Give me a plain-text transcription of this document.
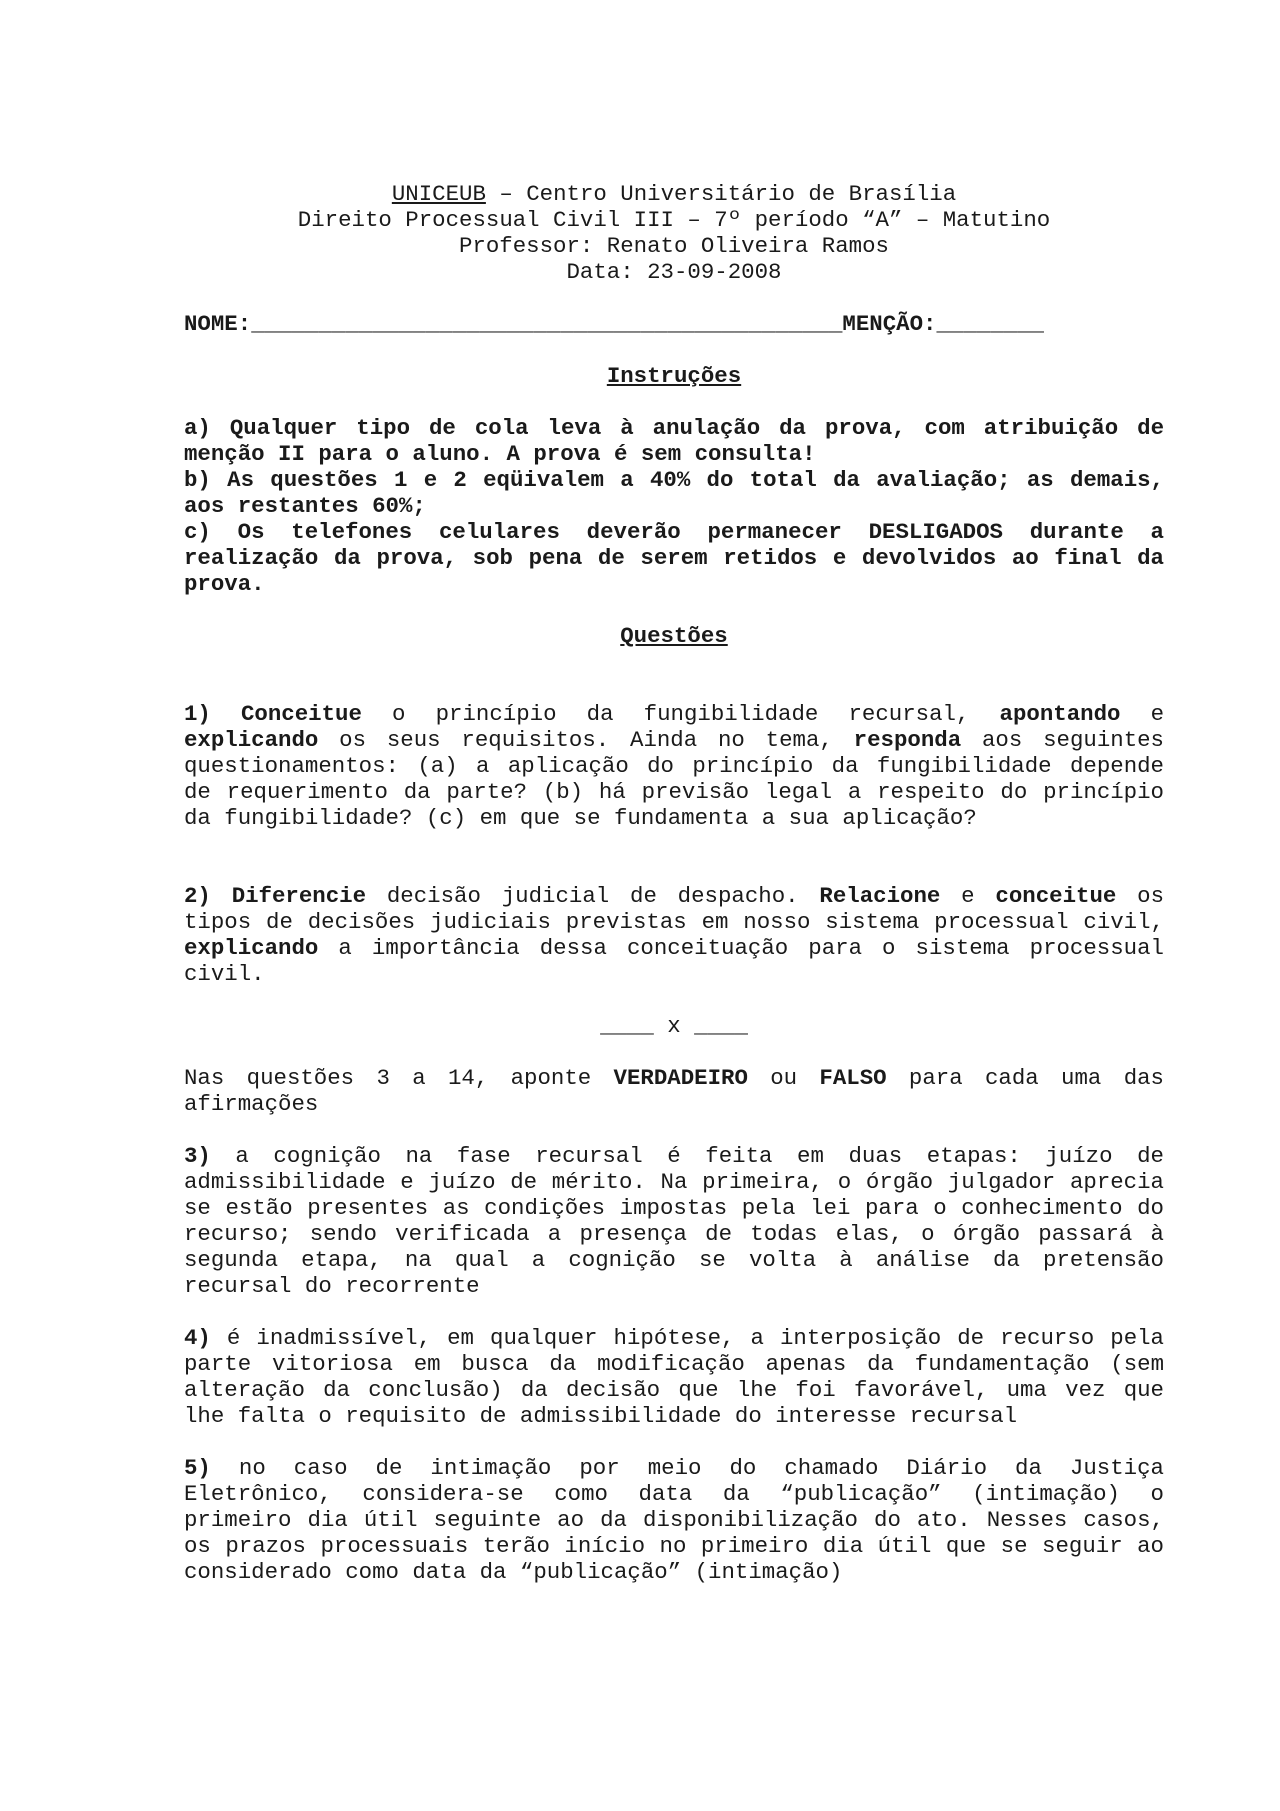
UNICEUB – Centro Universitário de Brasília
Direito Processual Civil III – 7º período “A” – Matutino
Professor: Renato Oliveira Ramos
Data: 23-09-2008
NOME:____________________________________________MENÇÃO:________
Instruções

a) Qualquer tipo de cola leva à anulação da prova, com atribuição de menção II para o aluno. A prova é sem consulta!

b) As questões 1 e 2 eqüivalem a 40% do total da avaliação; as demais, aos restantes 60%;

c) Os telefones celulares deverão permanecer DESLIGADOS durante a realização da prova, sob pena de serem retidos e devolvidos ao final da prova.

Questões

1) Conceitue o princípio da fungibilidade recursal, apontando e explicando os seus requisitos. Ainda no tema, responda aos seguintes questionamentos: (a) a aplicação do princípio da fungibilidade depende de requerimento da parte? (b) há previsão legal a respeito do princípio da fungibilidade? (c) em que se fundamenta a sua aplicação?

2) Diferencie decisão judicial de despacho. Relacione e conceitue os tipos de decisões judiciais previstas em nosso sistema processual civil, explicando a importância dessa conceituação para o sistema processual civil.

____ x ____

Nas questões 3 a 14, aponte VERDADEIRO ou FALSO para cada uma das afirmações

3) a cognição na fase recursal é feita em duas etapas: juízo de admissibilidade e juízo de mérito. Na primeira, o órgão julgador aprecia se estão presentes as condições impostas pela lei para o conhecimento do recurso; sendo verificada a presença de todas elas, o órgão passará à segunda etapa, na qual a cognição se volta à análise da pretensão recursal do recorrente

4) é inadmissível, em qualquer hipótese, a interposição de recurso pela parte vitoriosa em busca da modificação apenas da fundamentação (sem alteração da conclusão) da decisão que lhe foi favorável, uma vez que lhe falta o requisito de admissibilidade do interesse recursal

5) no caso de intimação por meio do chamado Diário da Justiça Eletrônico, considera-se como data da “publicação” (intimação) o primeiro dia útil seguinte ao da disponibilização do ato. Nesses casos, os prazos processuais terão início no primeiro dia útil que se seguir ao considerado como data da “publicação” (intimação)
